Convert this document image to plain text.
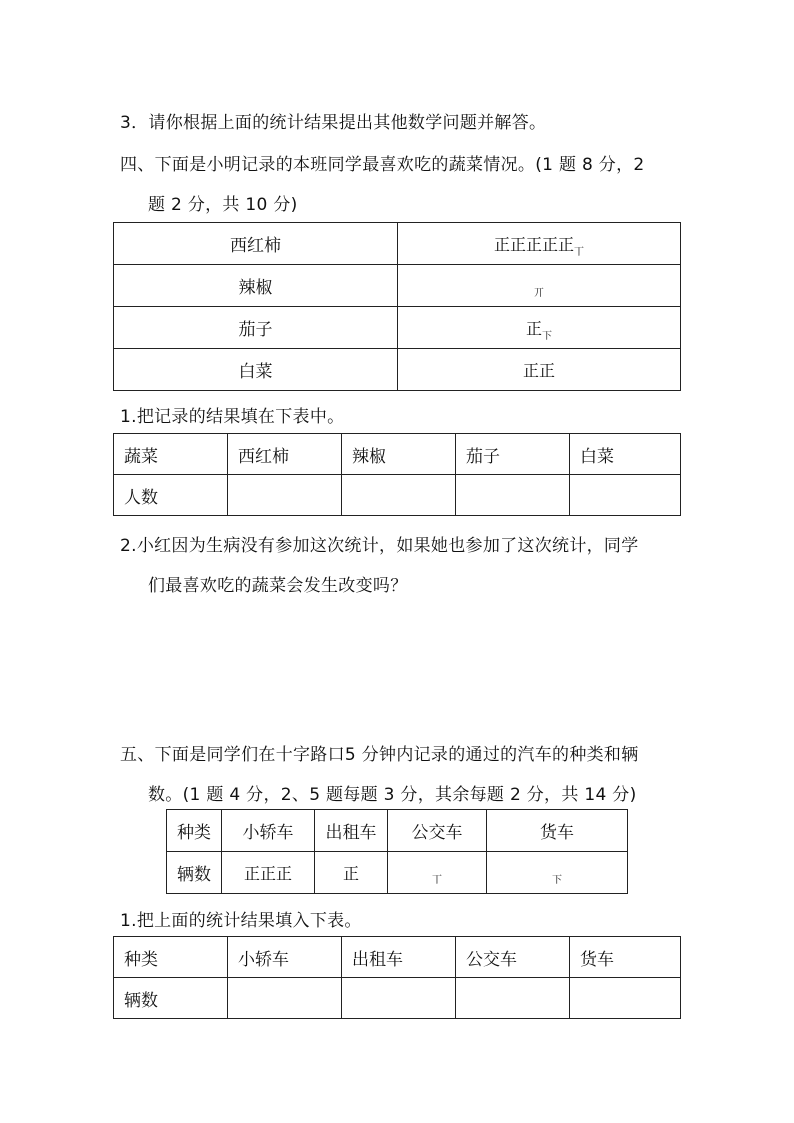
3．请你根据上面的统计结果提出其他数学问题并解答。
四、下面是小明记录的本班同学最喜欢吃的蔬菜情况。(1 题 8 分，2
题 2 分，共 10 分)
西红柿	正正正正正$_丅$
辣椒	$_丌$
茄子	正$_下$
白菜	正正
1.把记录的结果填在下表中。
蔬菜	西红柿	辣椒	茄子	白菜
人数				
2.小红因为生病没有参加这次统计，如果她也参加了这次统计，同学
们最喜欢吃的蔬菜会发生改变吗？
五、下面是同学们在十字路口5 分钟内记录的通过的汽车的种类和辆
数。(1 题 4 分，2、5 题每题 3 分，其余每题 2 分，共 14 分)
种类	小轿车	出租车	公交车	货车
辆数	正正正	正	$_丅$	$_下$
1.把上面的统计结果填入下表。
种类	小轿车	出租车	公交车	货车
辆数				
